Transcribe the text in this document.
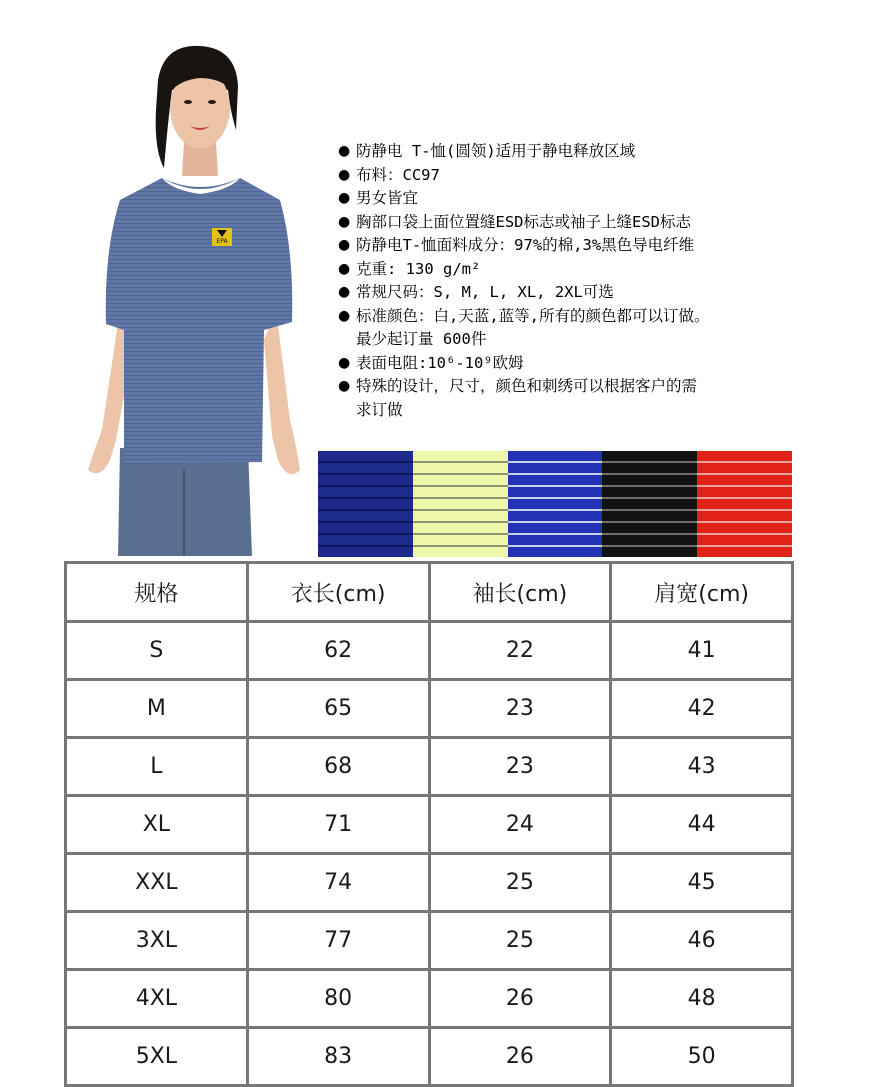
EPA
● 防静电 T-恤(圆领)适用于静电释放区域
● 布料：CC97
● 男女皆宜
● 胸部口袋上面位置缝ESD标志或袖子上缝ESD标志
● 防静电T-恤面料成分：97%的棉,3%黑色导电纤维
● 克重: 130 g/m²
● 常规尺码：S, M, L, XL, 2XL可选
● 标准颜色：白,天蓝,蓝等,所有的颜色都可以订做。
最少起订量 600件
● 表面电阻:10⁶-10⁹欧姆
● 特殊的设计，尺寸，颜色和刺绣可以根据客户的需
求订做
规格	衣长(cm)	袖长(cm)	肩宽(cm)
S	62	22	41
M	65	23	42
L	68	23	43
XL	71	24	44
XXL	74	25	45
3XL	77	25	46
4XL	80	26	48
5XL	83	26	50
